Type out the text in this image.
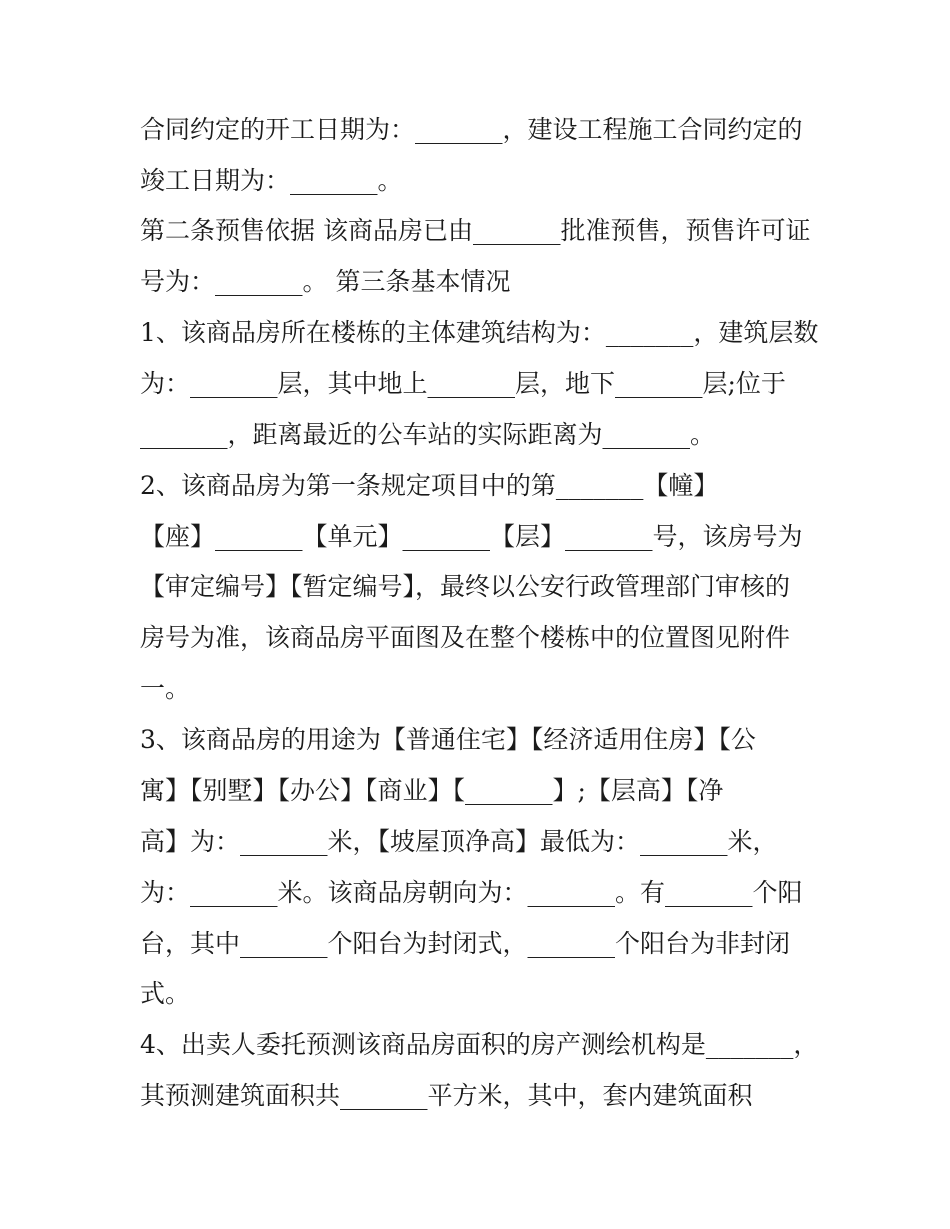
合同约定的开工日期为：_______，建设工程施工合同约定的
竣工日期为：_______。
第二条预售依据 该商品房已由_______批准预售，预售许可证
号为：_______。 第三条基本情况
1、该商品房所在楼栋的主体建筑结构为：_______，建筑层数
为：_______层，其中地上_______层，地下_______层;位于
_______，距离最近的公车站的实际距离为_______。
2、该商品房为第一条规定项目中的第_______【幢】
【座】_______【单元】_______【层】_______号，该房号为
【审定编号】【暂定编号】，最终以公安行政管理部门审核的
房号为准，该商品房平面图及在整个楼栋中的位置图见附件
一。
3、该商品房的用途为【普通住宅】【经济适用住房】【公
寓】【别墅】【办公】【商业】【_______】;【层高】【净
高】为：_______米，【坡屋顶净高】最低为：_______米，
为：_______米。该商品房朝向为：_______。有_______个阳
台，其中_______个阳台为封闭式，_______个阳台为非封闭
式。
4、出卖人委托预测该商品房面积的房产测绘机构是_______，
其预测建筑面积共_______平方米，其中，套内建筑面积
